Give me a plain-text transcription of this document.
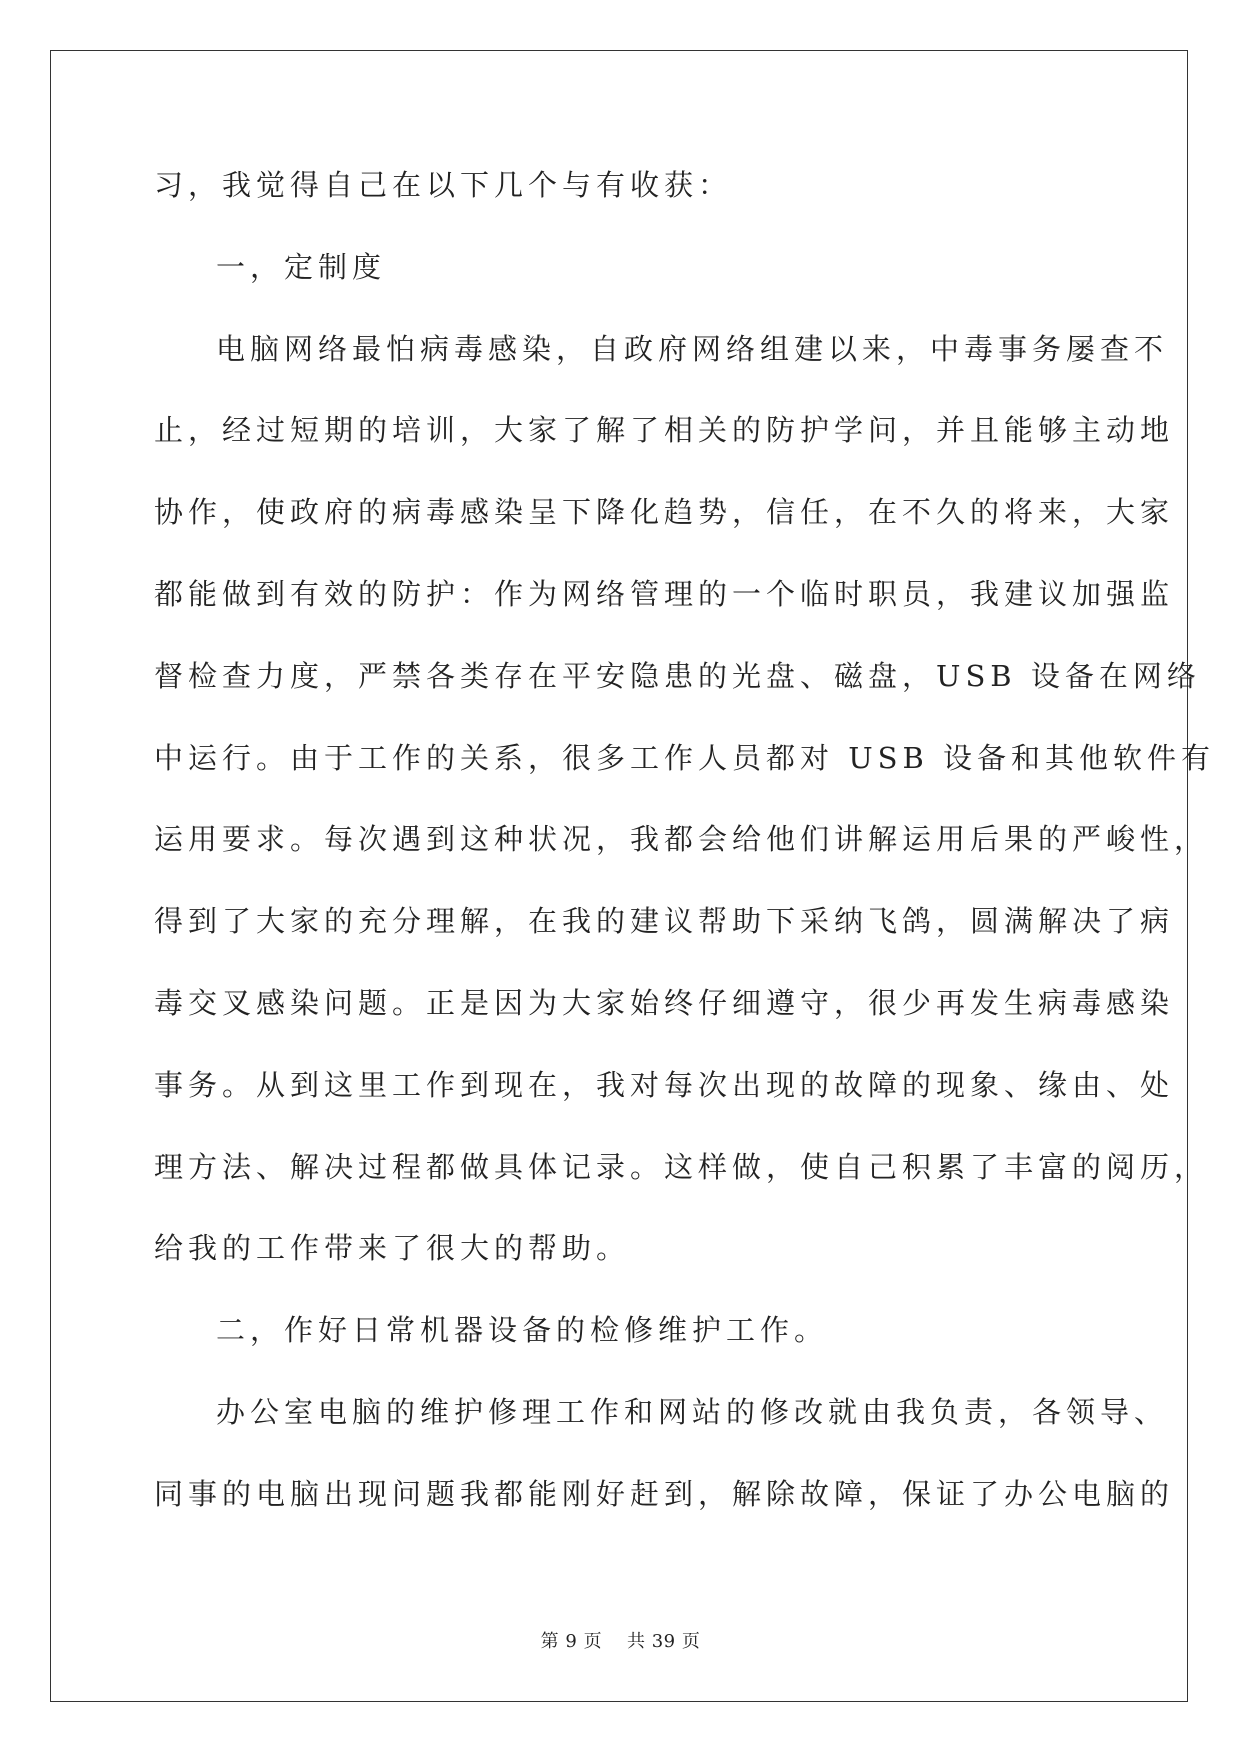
习，我觉得自己在以下几个与有收获：
一，定制度
电脑网络最怕病毒感染，自政府网络组建以来，中毒事务屡查不
止，经过短期的培训，大家了解了相关的防护学问，并且能够主动地
协作，使政府的病毒感染呈下降化趋势，信任，在不久的将来，大家
都能做到有效的防护：作为网络管理的一个临时职员，我建议加强监
督检查力度，严禁各类存在平安隐患的光盘、磁盘，USB 设备在网络
中运行。由于工作的关系，很多工作人员都对 USB 设备和其他软件有
运用要求。每次遇到这种状况，我都会给他们讲解运用后果的严峻性，
得到了大家的充分理解，在我的建议帮助下采纳飞鸽，圆满解决了病
毒交叉感染问题。正是因为大家始终仔细遵守，很少再发生病毒感染
事务。从到这里工作到现在，我对每次出现的故障的现象、缘由、处
理方法、解决过程都做具体记录。这样做，使自己积累了丰富的阅历，
给我的工作带来了很大的帮助。
二，作好日常机器设备的检修维护工作。
办公室电脑的维护修理工作和网站的修改就由我负责，各领导、
同事的电脑出现问题我都能刚好赶到，解除故障，保证了办公电脑的
第 9 页 共 39 页
